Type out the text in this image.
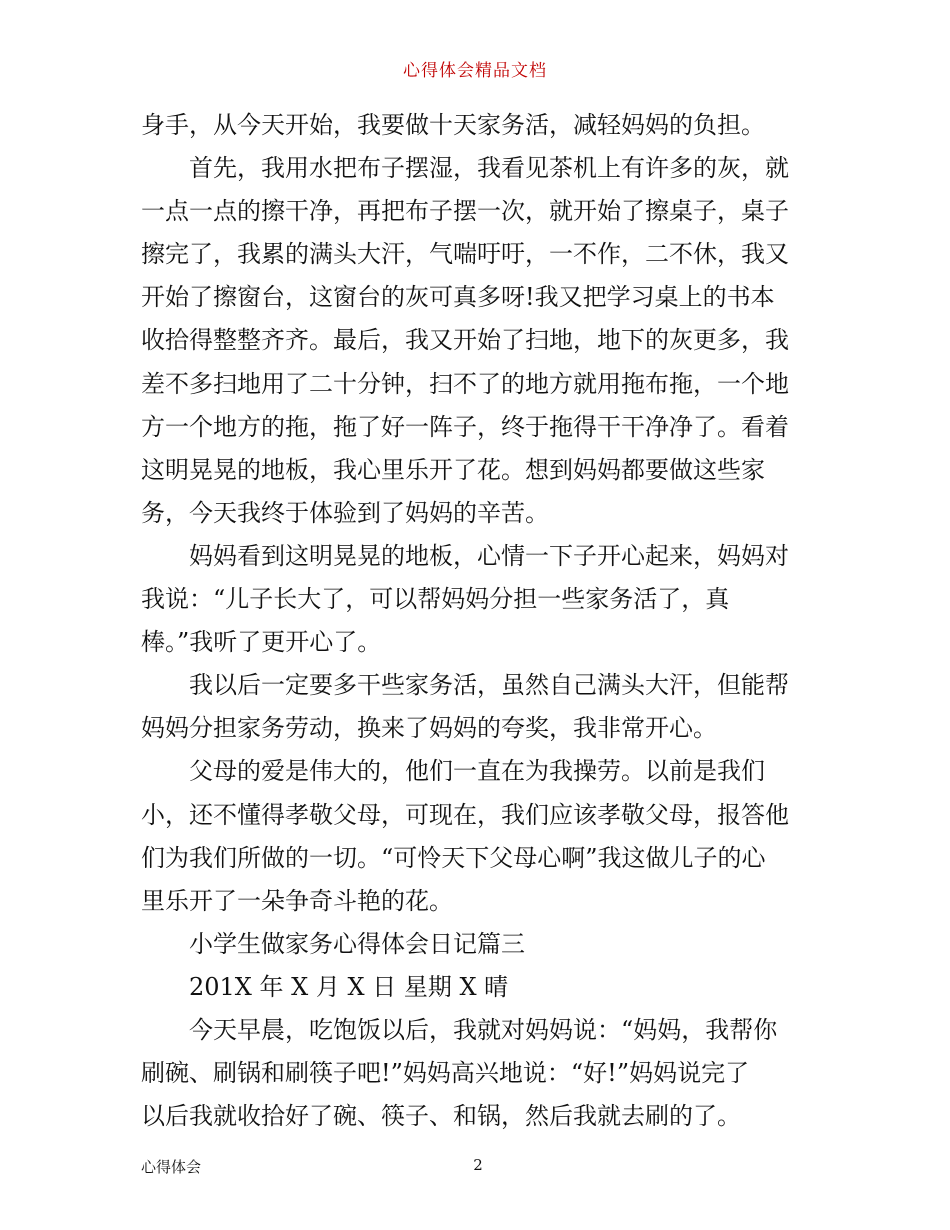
心得体会精品文档
身手，从今天开始，我要做十天家务活，减轻妈妈的负担。
首先，我用水把布子摆湿，我看见茶机上有许多的灰，就
一点一点的擦干净，再把布子摆一次，就开始了擦桌子，桌子
擦完了，我累的满头大汗，气喘吁吁，一不作，二不休，我又
开始了擦窗台，这窗台的灰可真多呀!我又把学习桌上的书本
收拾得整整齐齐。最后，我又开始了扫地，地下的灰更多，我
差不多扫地用了二十分钟，扫不了的地方就用拖布拖，一个地
方一个地方的拖，拖了好一阵子，终于拖得干干净净了。看着
这明晃晃的地板，我心里乐开了花。想到妈妈都要做这些家
务，今天我终于体验到了妈妈的辛苦。
妈妈看到这明晃晃的地板，心情一下子开心起来，妈妈对
我说：“儿子长大了，可以帮妈妈分担一些家务活了，真
棒。”我听了更开心了。
我以后一定要多干些家务活，虽然自己满头大汗，但能帮
妈妈分担家务劳动，换来了妈妈的夸奖，我非常开心。
父母的爱是伟大的，他们一直在为我操劳。以前是我们
小，还不懂得孝敬父母，可现在，我们应该孝敬父母，报答他
们为我们所做的一切。“可怜天下父母心啊”我这做儿子的心
里乐开了一朵争奇斗艳的花。
小学生做家务心得体会日记篇三
201X 年 X 月 X 日 星期 X 晴
今天早晨，吃饱饭以后，我就对妈妈说：“妈妈，我帮你
刷碗、刷锅和刷筷子吧!”妈妈高兴地说：“好!”妈妈说完了
以后我就收拾好了碗、筷子、和锅，然后我就去刷的了。
心得体会	2
